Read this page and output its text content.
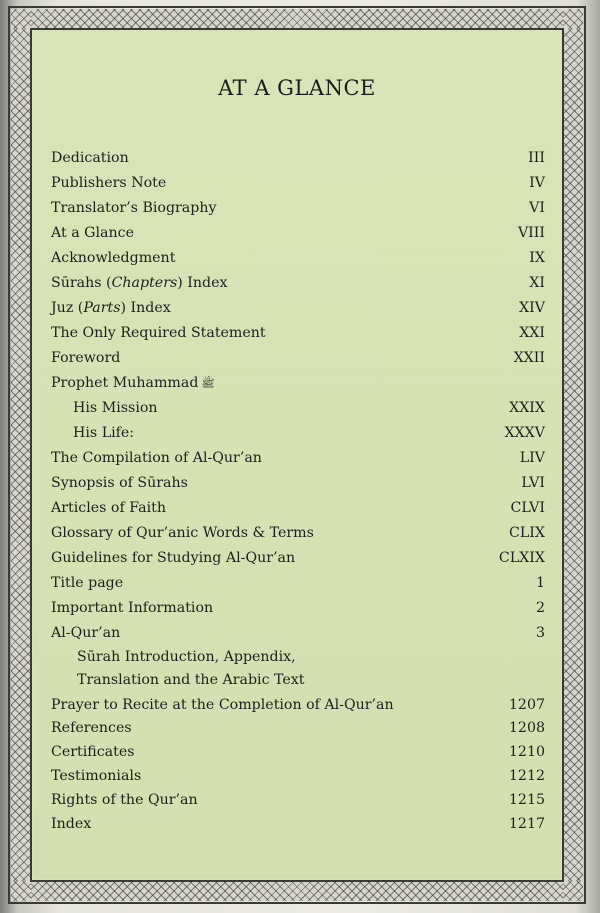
AT A GLANCE
Dedication	III
Publishers Note	IV
Translator’s Biography	VI
At a Glance	VIII
Acknowledgment	IX
Sūrahs (Chapters) Index	XI
Juz (Parts) Index	XIV
The Only Required Statement	XXI
Foreword	XXII
Prophet Muhammad ﷺ
His Mission	XXIX
His Life:	XXXV
The Compilation of Al-Qur’an	LIV
Synopsis of Sūrahs	LVI
Articles of Faith	CLVI
Glossary of Qur’anic Words & Terms	CLIX
Guidelines for Studying Al-Qur’an	CLXIX
Title page	1
Important Information	2
Al-Qur’an	3
Sūrah Introduction, Appendix,
Translation and the Arabic Text
Prayer to Recite at the Completion of Al-Qur’an	1207
References	1208
Certificates	1210
Testimonials	1212
Rights of the Qur’an	1215
Index	1217
